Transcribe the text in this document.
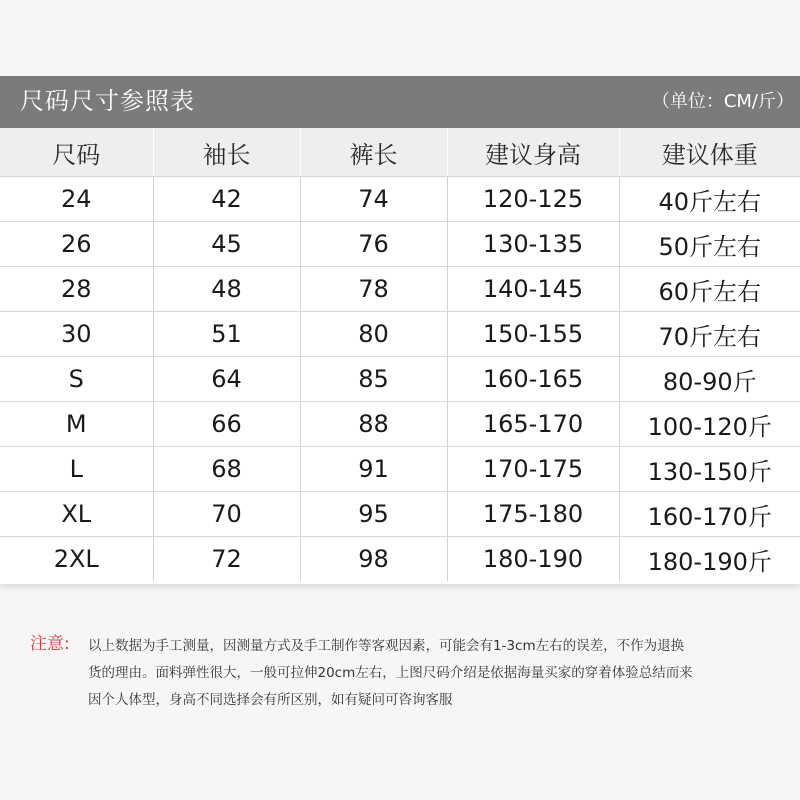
尺码尺寸参照表	（单位：CM/斤）
尺码	袖长	裤长	建议身高	建议体重
24	42	74	120-125	40斤左右
26	45	76	130-135	50斤左右
28	48	78	140-145	60斤左右
30	51	80	150-155	70斤左右
S	64	85	160-165	80-90斤
M	66	88	165-170	100-120斤
L	68	91	170-175	130-150斤
XL	70	95	175-180	160-170斤
2XL	72	98	180-190	180-190斤
注意: 以上数据为手工测量，因测量方式及手工制作等客观因素，可能会有1-3cm左右的误差，不作为退换
货的理由。面料弹性很大，一般可拉伸20cm左右，上图尺码介绍是依据海量买家的穿着体验总结而来
因个人体型，身高不同选择会有所区别，如有疑问可咨询客服
